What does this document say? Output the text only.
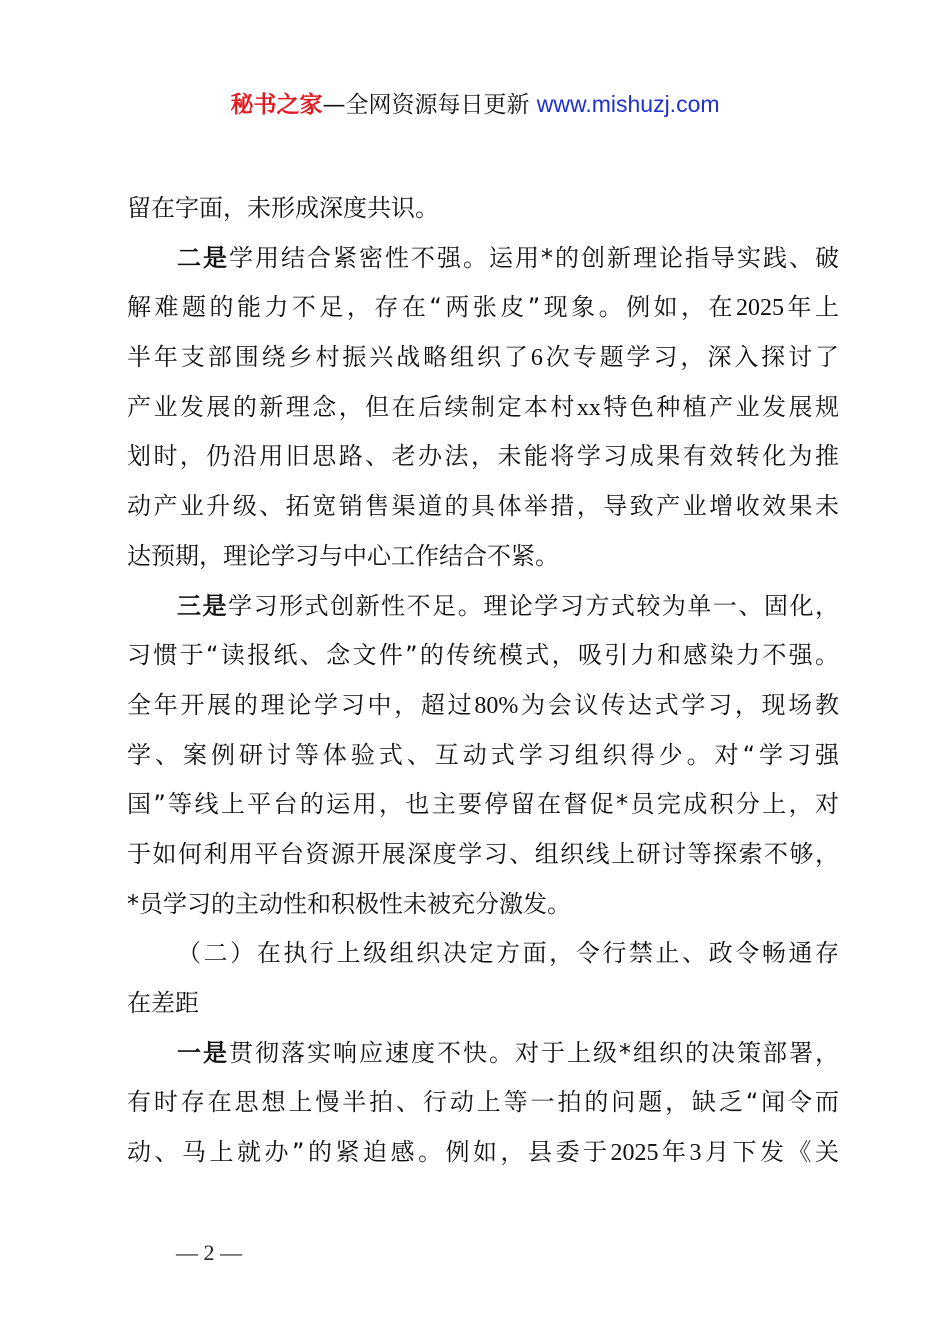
秘书之家—全网资源每日更新 www.mishuzj.com
留在字面，未形成深度共识。
二是学用结合紧密性不强。运用*的创新理论指导实践、破
解难题的能力不足，存在“两张皮”现象。例如，在2025年上
半年支部围绕乡村振兴战略组织了6次专题学习，深入探讨了
产业发展的新理念，但在后续制定本村xx特色种植产业发展规
划时，仍沿用旧思路、老办法，未能将学习成果有效转化为推
动产业升级、拓宽销售渠道的具体举措，导致产业增收效果未
达预期，理论学习与中心工作结合不紧。
三是学习形式创新性不足。理论学习方式较为单一、固化，
习惯于“读报纸、念文件”的传统模式，吸引力和感染力不强。
全年开展的理论学习中，超过80%为会议传达式学习，现场教
学、案例研讨等体验式、互动式学习组织得少。对“学习强
国”等线上平台的运用，也主要停留在督促*员完成积分上，对
于如何利用平台资源开展深度学习、组织线上研讨等探索不够，
*员学习的主动性和积极性未被充分激发。
（二）在执行上级组织决定方面，令行禁止、政令畅通存
在差距
一是贯彻落实响应速度不快。对于上级*组织的决策部署，
有时存在思想上慢半拍、行动上等一拍的问题，缺乏“闻令而
动、马上就办”的紧迫感。例如，县委于2025年3月下发《关
— 2 —
